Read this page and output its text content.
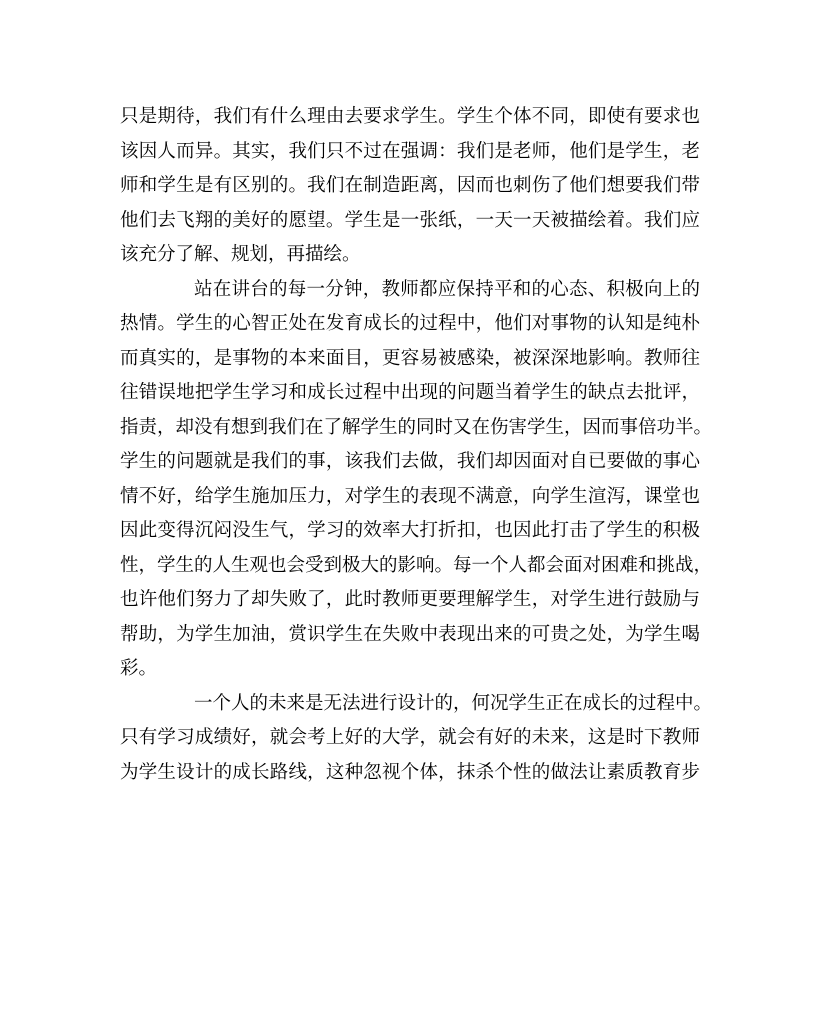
只是期待，我们有什么理由去要求学生。学生个体不同，即使有要求也
该因人而异。其实，我们只不过在强调：我们是老师，他们是学生，老
师和学生是有区别的。我们在制造距离，因而也刺伤了他们想要我们带
他们去飞翔的美好的愿望。学生是一张纸，一天一天被描绘着。我们应
该充分了解、规划，再描绘。
站在讲台的每一分钟，教师都应保持平和的心态、积极向上的
热情。学生的心智正处在发育成长的过程中，他们对事物的认知是纯朴
而真实的，是事物的本来面目，更容易被感染，被深深地影响。教师往
往错误地把学生学习和成长过程中出现的问题当着学生的缺点去批评，
指责，却没有想到我们在了解学生的同时又在伤害学生，因而事倍功半。
学生的问题就是我们的事，该我们去做，我们却因面对自已要做的事心
情不好，给学生施加压力，对学生的表现不满意，向学生渲泻，课堂也
因此变得沉闷没生气，学习的效率大打折扣，也因此打击了学生的积极
性，学生的人生观也会受到极大的影响。每一个人都会面对困难和挑战，
也许他们努力了却失败了，此时教师更要理解学生，对学生进行鼓励与
帮助，为学生加油，赏识学生在失败中表现出来的可贵之处，为学生喝
彩。
一个人的未来是无法进行设计的，何况学生正在成长的过程中。
只有学习成绩好，就会考上好的大学，就会有好的未来，这是时下教师
为学生设计的成长路线，这种忽视个体，抹杀个性的做法让素质教育步
